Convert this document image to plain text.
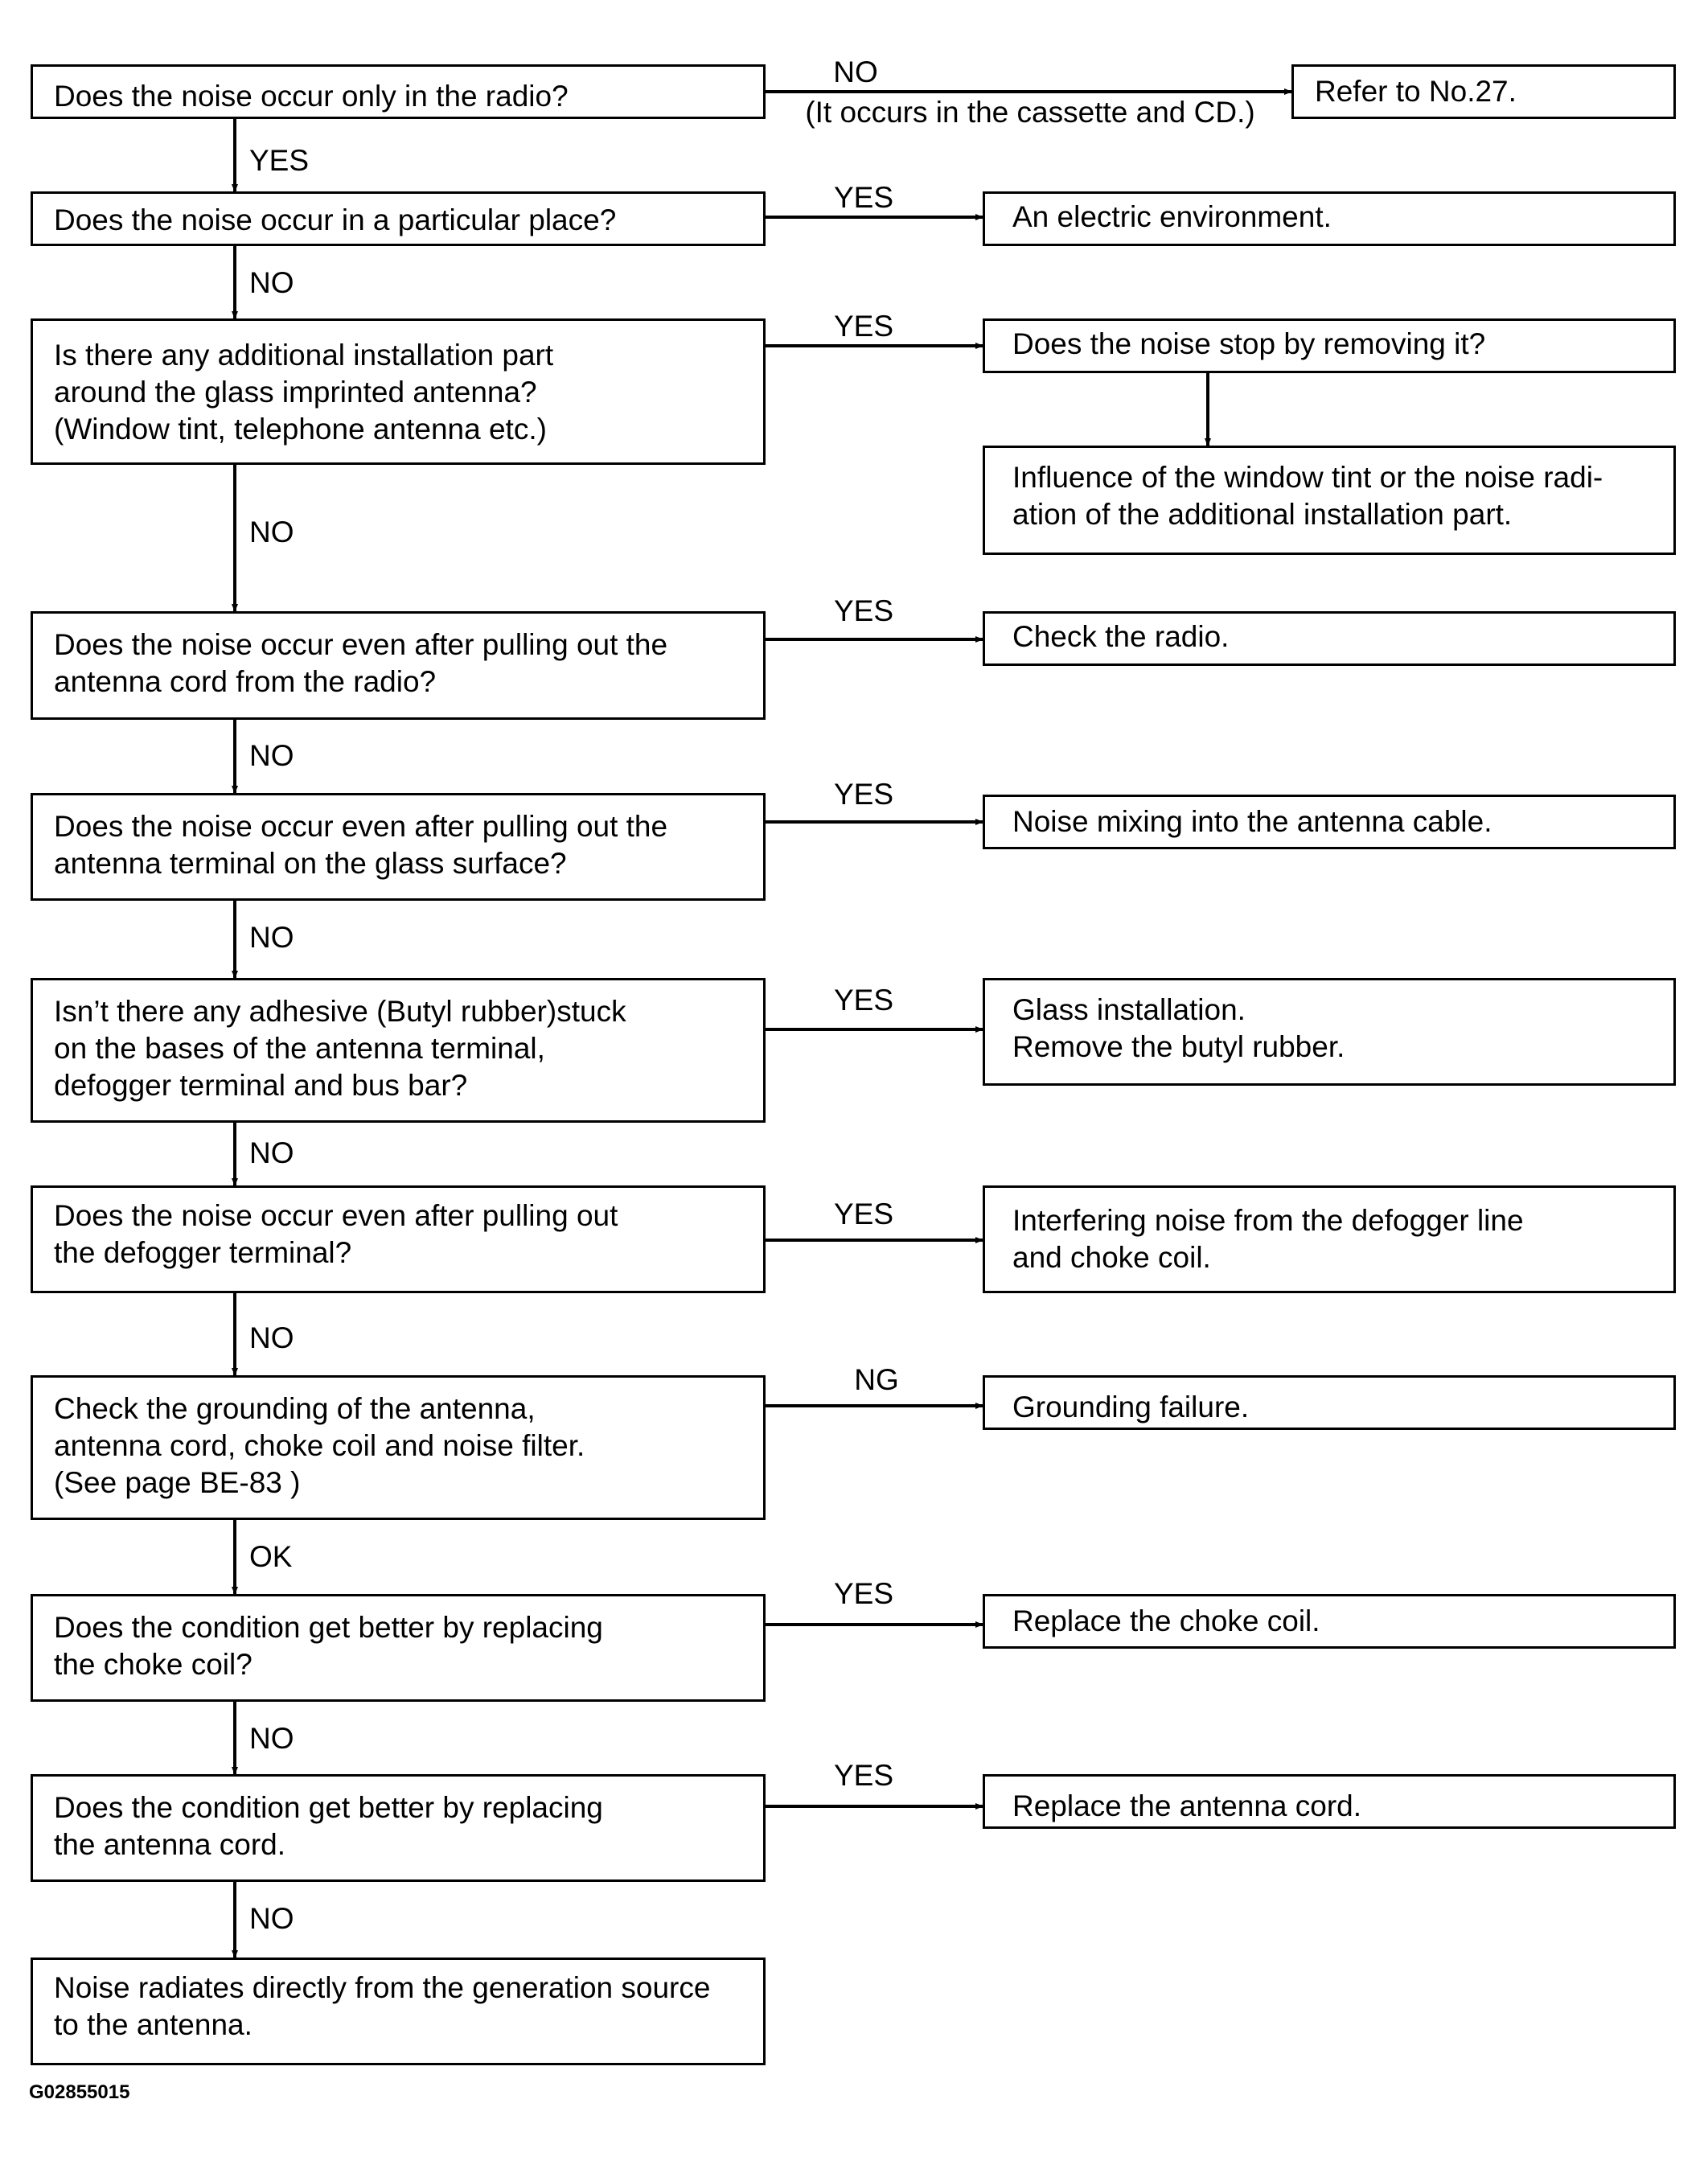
Does the noise occur only in the radio?
Does the noise occur in a particular place?
Is there any additional installation part
around the glass imprinted antenna?
(Window tint, telephone antenna etc.)
Does the noise occur even after pulling out the
antenna cord from the radio?
Does the noise occur even after pulling out the
antenna terminal on the glass surface?
Isn’t there any adhesive (Butyl rubber)stuck
on the bases of the antenna terminal,
defogger terminal and bus bar?
Does the noise occur even after pulling out
the defogger terminal?
Check the grounding of the antenna,
antenna cord, choke coil and noise filter.
(See page BE-83 )
Does the condition get better by replacing
the choke coil?
Does the condition get better by replacing
the antenna cord.
Noise radiates directly from the generation source
to the antenna.
Refer to No.27.
An electric environment.
Does the noise stop by removing it?
Influence of the window tint or the noise radi-
ation of the additional installation part.
Check the radio.
Noise mixing into the antenna cable.
Glass installation.
Remove the butyl rubber.
Interfering noise from the defogger line
and choke coil.
Grounding failure.
Replace the choke coil.
Replace the antenna cord.
NO
(It occurs in the cassette and CD.)
YES
YES
NO
YES
NO
YES
NO
YES
NO
YES
NO
YES
NO
NG
OK
YES
NO
YES
NO
G02855015
